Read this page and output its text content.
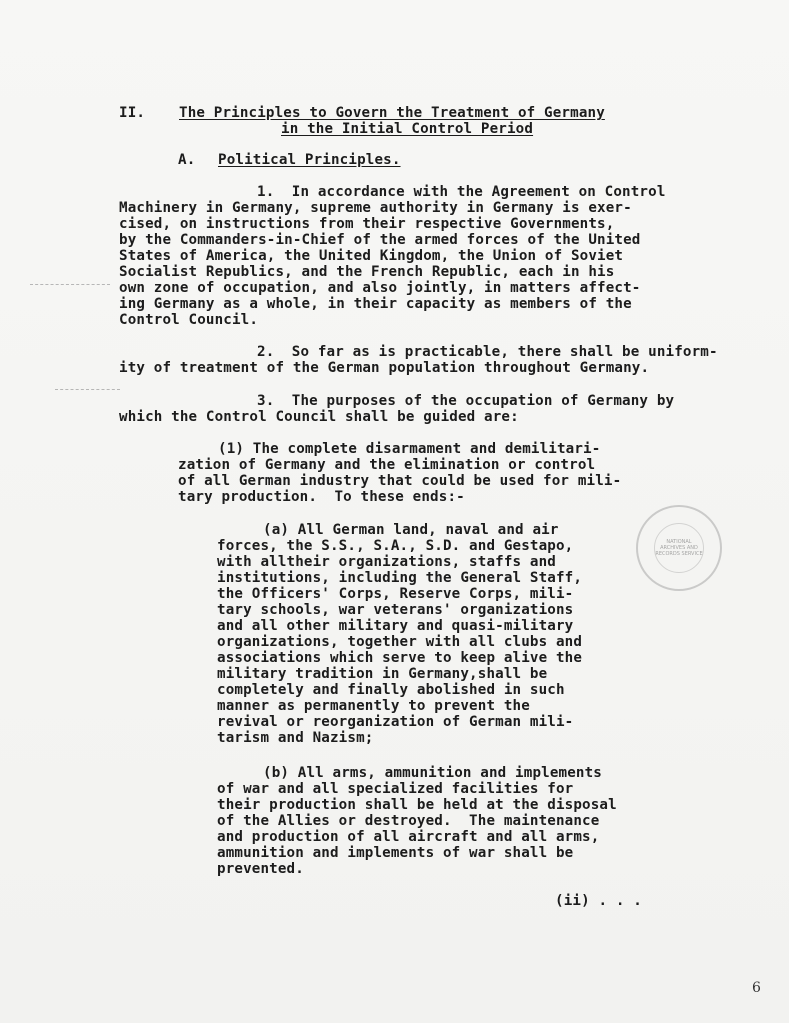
II. The Principles to Govern the Treatment of Germany
in the Initial Control Period
A. Political Principles.
1.  In accordance with the Agreement on Control
Machinery in Germany, supreme authority in Germany is exer-
cised, on instructions from their respective Governments,
by the Commanders-in-Chief of the armed forces of the United
States of America, the United Kingdom, the Union of Soviet
Socialist Republics, and the French Republic, each in his
own zone of occupation, and also jointly, in matters affect-
ing Germany as a whole, in their capacity as members of the
Control Council.
2.  So far as is practicable, there shall be uniform-
ity of treatment of the German population throughout Germany.
3.  The purposes of the occupation of Germany by
which the Control Council shall be guided are:
(1) The complete disarmament and demilitari-
zation of Germany and the elimination or control
of all German industry that could be used for mili-
tary production.  To these ends:-
(a) All German land, naval and air
forces, the S.S., S.A., S.D. and Gestapo,
with alltheir organizations, staffs and
institutions, including the General Staff,
the Officers' Corps, Reserve Corps, mili-
tary schools, war veterans' organizations
and all other military and quasi-military
organizations, together with all clubs and
associations which serve to keep alive the
military tradition in Germany,shall be
completely and finally abolished in such
manner as permanently to prevent the
revival or reorganization of German mili-
tarism and Nazism;
(b) All arms, ammunition and implements
of war and all specialized facilities for
their production shall be held at the disposal
of the Allies or destroyed.  The maintenance
and production of all aircraft and all arms,
ammunition and implements of war shall be
prevented.
(ii) . . .
NATIONAL ARCHIVES AND RECORDS SERVICE
6
